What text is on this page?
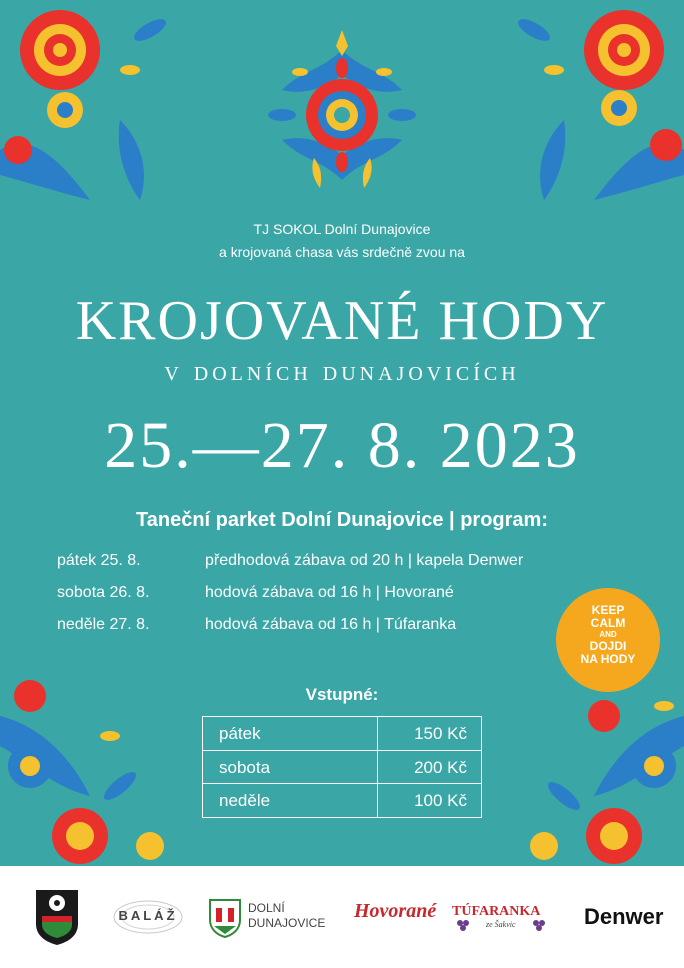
TJ SOKOL Dolní Dunajovice
a krojovaná chasa vás srdečně zvou na
KROJOVANÉ HODY
v dolních dunajovicích
25.—27. 8. 2023
Taneční parket Dolní Dunajovice | program:
pátek 25. 8.	předhodová zábava od 20 h | kapela Denwer
sobota 26. 8.	hodová zábava od 16 h | Hovorané
neděle 27. 8.	hodová zábava od 16 h | Túfaranka
KEEP
CALM
AND
DOJDI
NA HODY
Vstupné:
pátek	150 Kč
sobota	200 Kč
neděle	100 Kč
BALÁŽ	DOLNÍ
DUNAJOVICE
Hovorané TÚFARANKA
ze Šakvic	Denwer
